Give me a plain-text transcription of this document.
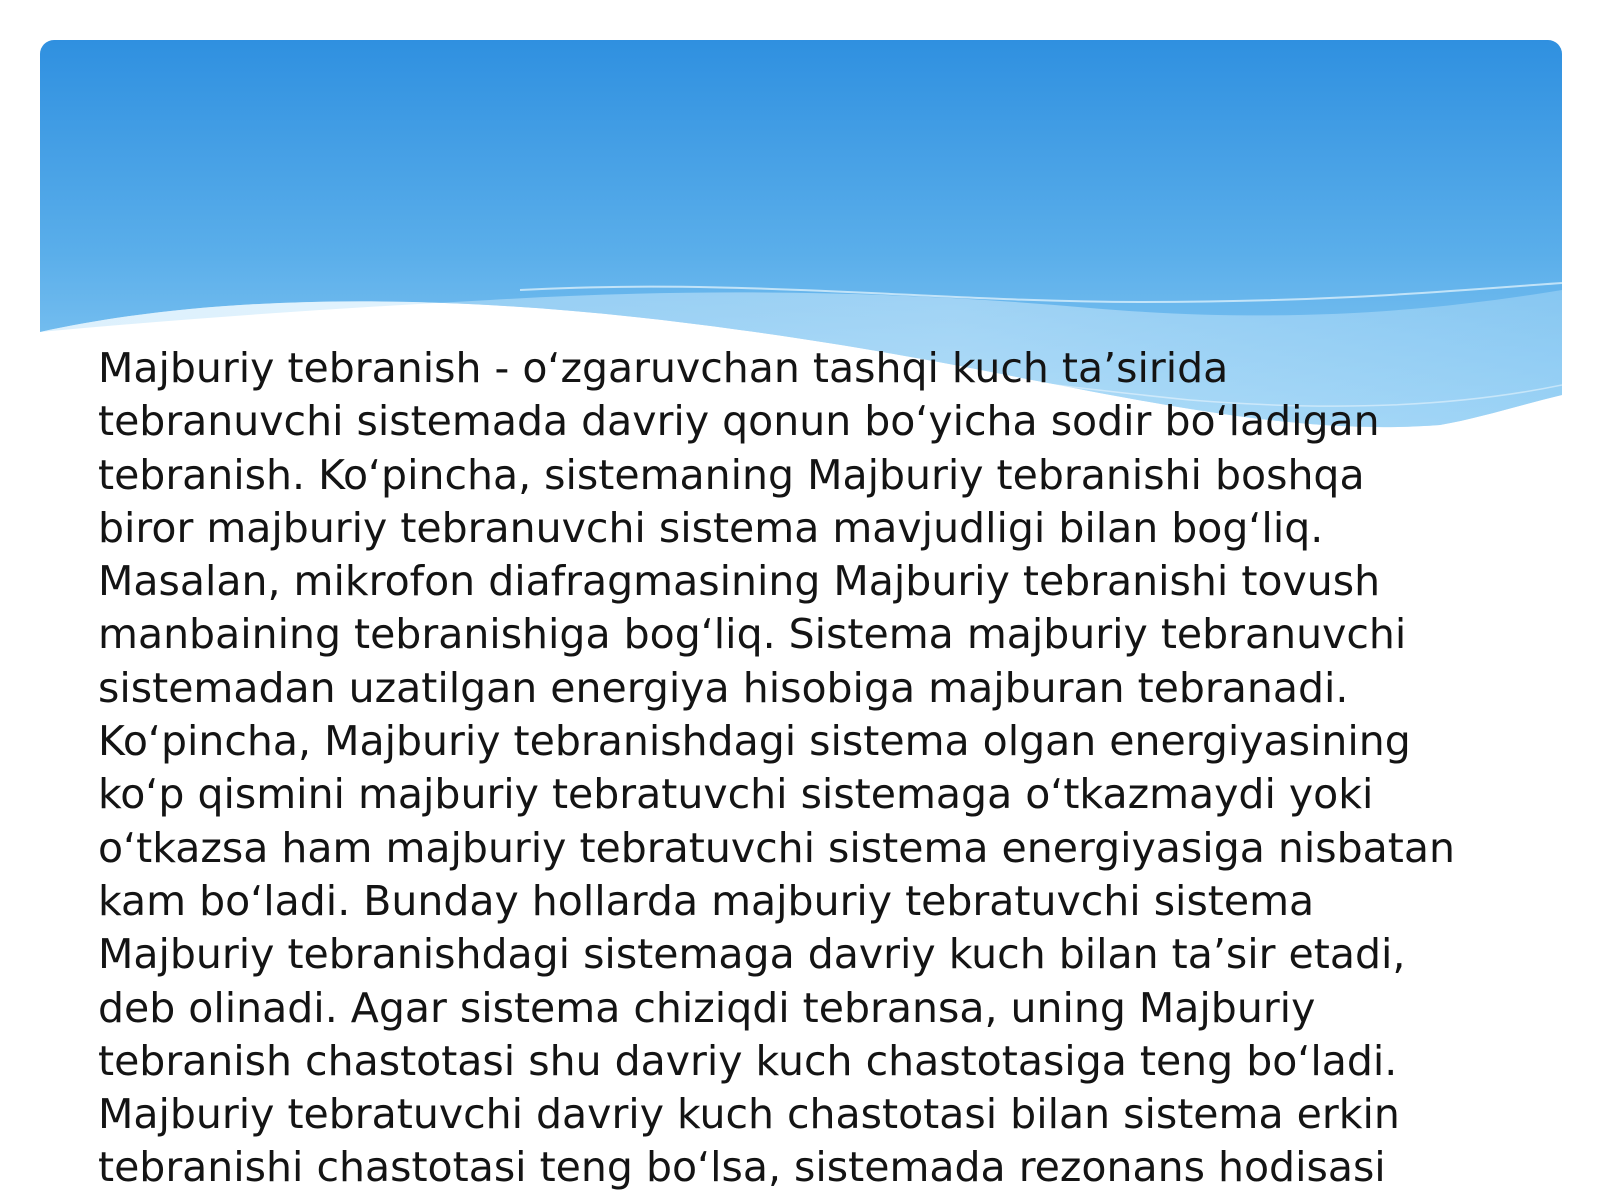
Majburiy tebranish - oʻzgaruvchan tashqi kuch taʼsirida
tebranuvchi sistemada davriy qonun boʻyicha sodir boʻladigan
tebranish. Koʻpincha, sistemaning Majburiy tebranishi boshqa
biror majburiy tebranuvchi sistema mavjudligi bilan bogʻliq.
Masalan, mikrofon diafragmasining Majburiy tebranishi tovush
manbaining tebranishiga bogʻliq. Sistema majburiy tebranuvchi
sistemadan uzatilgan energiya hisobiga majburan tebranadi.
Koʻpincha, Majburiy tebranishdagi sistema olgan energiyasining
koʻp qismini majburiy tebratuvchi sistemaga oʻtkazmaydi yoki
oʻtkazsa ham majburiy tebratuvchi sistema energiyasiga nisbatan
kam boʻladi. Bunday hollarda majburiy tebratuvchi sistema
Majburiy tebranishdagi sistemaga davriy kuch bilan taʼsir etadi,
deb olinadi. Agar sistema chiziqdi tebransa, uning Majburiy
tebranish chastotasi shu davriy kuch chastotasiga teng boʻladi.
Majburiy tebratuvchi davriy kuch chastotasi bilan sistema erkin
tebranishi chastotasi teng boʻlsa, sistemada rezonans hodisasi
